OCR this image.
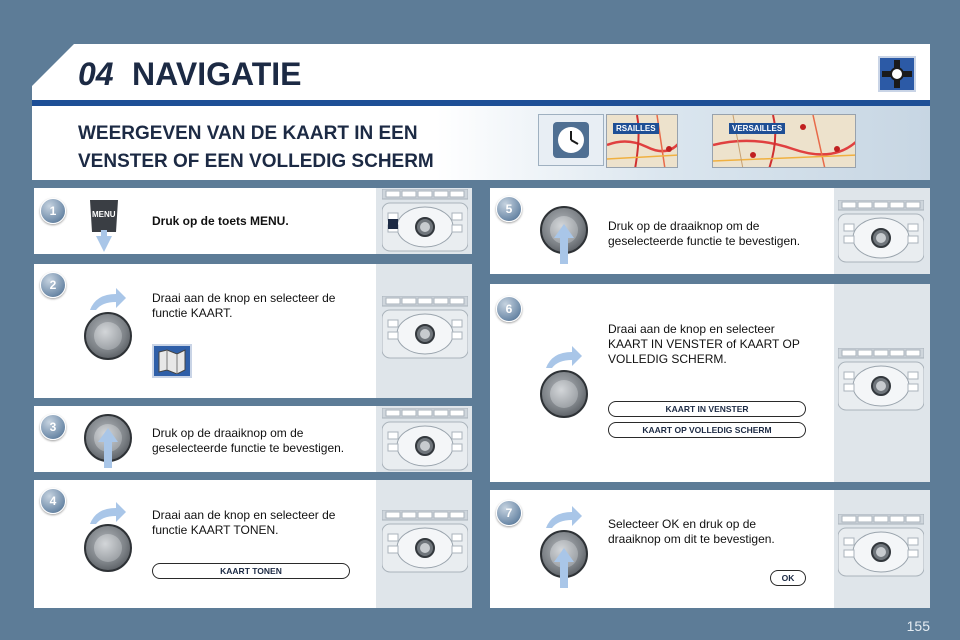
04 NAVIGATIE
WEERGEVEN VAN DE KAART IN EEN
VENSTER OF EEN VOLLEDIG SCHERM
RSAILLES	VERSAILLES
1	MENU	Druk op de toets MENU.
2
Draai aan de knop en selecteer de
functie KAART.
3	Druk op de draaiknop om de
geselecteerde functie te bevestigen.
4
Draai aan de knop en selecteer de
functie KAART TONEN.
KAART TONEN
5
Druk op de draaiknop om de
geselecteerde functie te bevestigen.
6
Draai aan de knop en selecteer
KAART IN VENSTER of KAART OP
VOLLEDIG SCHERM.
KAART IN VENSTER
KAART OP VOLLEDIG SCHERM
7
Selecteer OK en druk op de
draaiknop om dit te bevestigen.
OK
155
